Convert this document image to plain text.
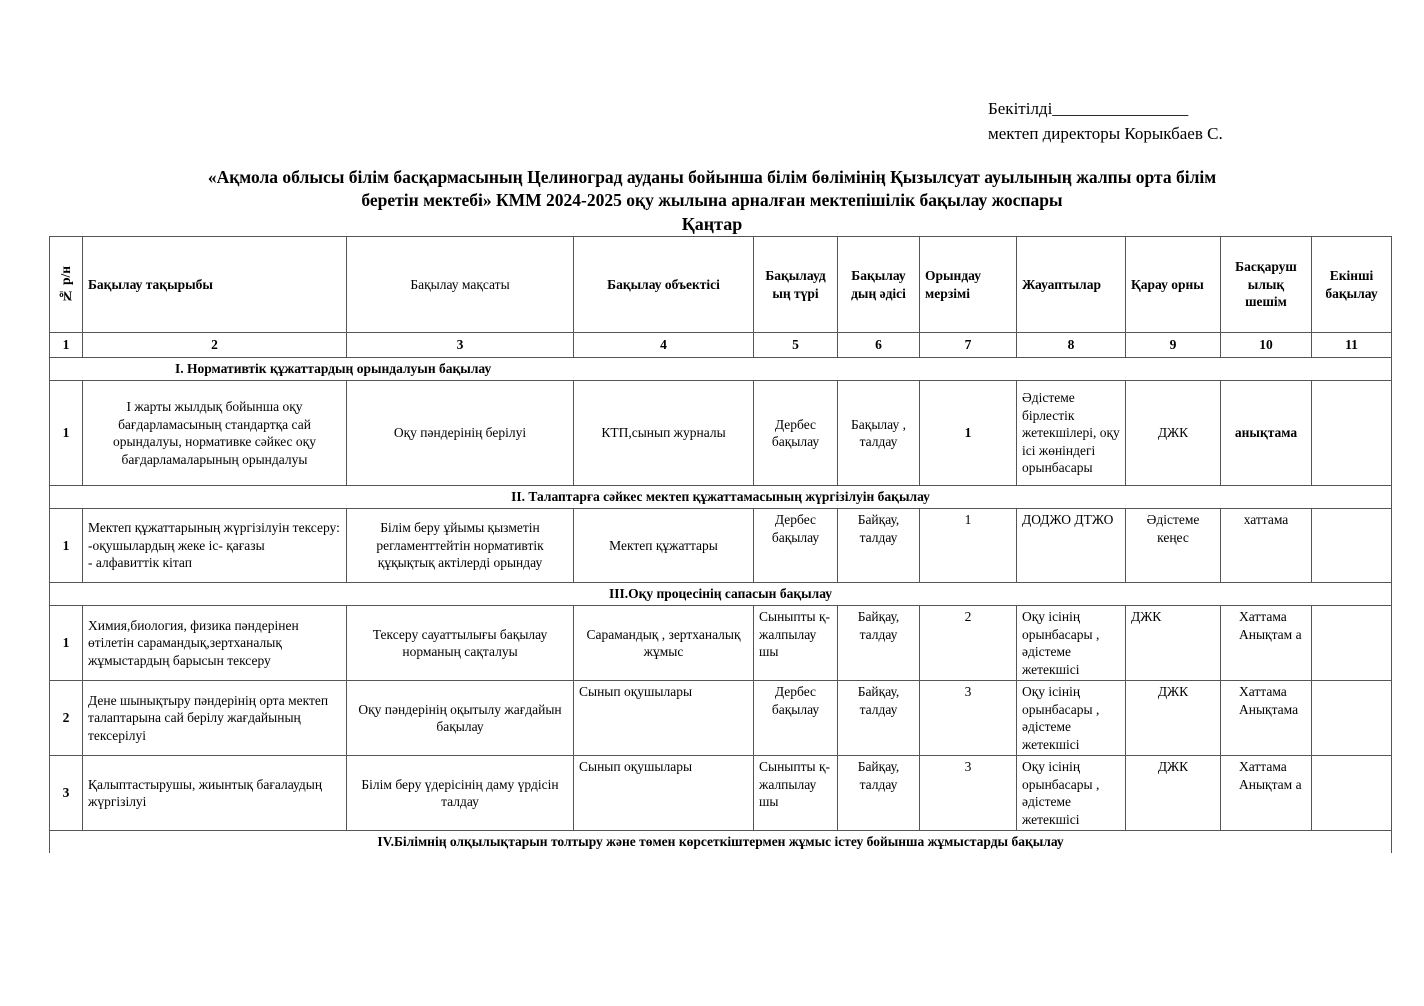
Бекітілді________________
мектеп директоры Корыкбаев С.
«Ақмола облысы білім басқармасының Целиноград ауданы бойынша білім бөлімінің Қызылсуат ауылының жалпы орта білім
беретін мектебі» КММ 2024-2025 оқу жылына арналған мектепішілік бақылау жоспары
Қаңтар
№ р/н	Бақылау тақырыбы	Бақылау мақсаты	Бақылау объектісі	Бақылауд ың түрі	Бақылау дың әдісі	Орындау мерзімі	Жауаптылар	Қарау орны	Басқаруш ылық шешім	Екінші бақылау
1	2	3	4	5	6	7	8	9	10	11
І. Нормативтік құжаттардың орындалуын бақылау										
1	І жарты жылдық бойынша оқу бағдарламасының стандартқа сай орындалуы, нормативке сәйкес оқу бағдарламаларының орындалуы	Оқу пәндерінің берілуі	КТП,сынып журналы	Дербес бақылау	Бақылау , талдау	1	Әдістеме бірлестік жетекшілері, оқу ісі жөніндегі орынбасары	ДЖК	анықтама	
ІІ. Талаптарға сәйкес мектеп құжаттамасының жүргізілуін бақылау										
1	Мектеп құжаттарының жүргізілуін тексеру:
-оқушылардың жеке іс- қағазы
- алфавиттік кітап	Білім беру ұйымы қызметін регламенттейтін нормативтік құқықтық актілерді орындау	Мектеп құжаттары	Дербес бақылау	Байқау, талдау	1	ДОДЖО ДТЖО	Әдістеме кеңес	хаттама	
ІІІ.Оқу процесінің сапасын бақылау										
1	Химия,биология, физика пәндерінен өтілетін сарамандық,зертханалық жұмыстардың барысын тексеру	Тексеру сауаттылығы бақылау норманың сақталуы	Сарамандық , зертханалық жұмыс	Сыныпты қ-жалпылау шы	Байқау, талдау	2	Оқу ісінің орынбасары , әдістеме жетекшісі	ДЖК	Хаттама Анықтам а	
2	Дене шынықтыру пәндерінің орта мектеп талаптарына сай берілу жағдайының тексерілуі	Оқу пәндерінің оқытылу жағдайын бақылау	Сынып оқушылары	Дербес бақылау	Байқау, талдау	3	Оқу ісінің орынбасары , әдістеме жетекшісі	ДЖК	Хаттама Анықтама	
3	Қалыптастырушы, жиынтық бағалаудың жүргізілуі	Білім беру үдерісінің даму үрдісін талдау	Сынып оқушылары	Сыныпты қ-жалпылау шы	Байқау, талдау	3	Оқу ісінің орынбасары , әдістеме жетекшісі	ДЖК	Хаттама Анықтам а	
ІV.Білімнің олқылықтарын толтыру және төмен көрсеткіштермен жұмыс істеу бойынша жұмыстарды бақылау										
